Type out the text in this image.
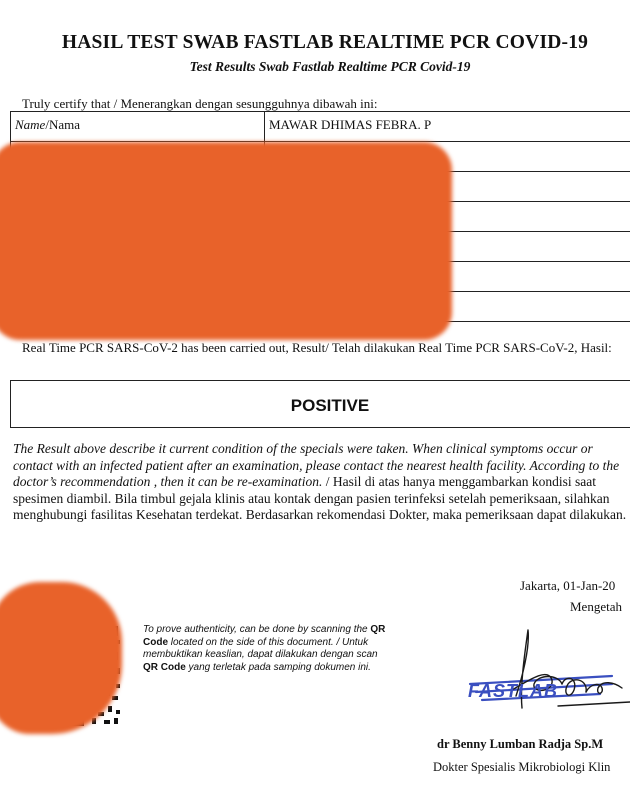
HASIL TEST SWAB FASTLAB REALTIME PCR COVID-19
Test Results Swab Fastlab Realtime PCR Covid-19
Truly certify that / Menerangkan dengan sesungguhnya dibawah ini:
Name/Nama	MAWAR DHIMAS FEBRA. P

Real Time PCR SARS-CoV-2 has been carried out, Result/ Telah dilakukan Real Time PCR SARS-CoV-2, Hasil:
POSITIVE
The Result above describe it current condition of the specials were taken. When clinical symptoms occur or contact with an infected patient after an examination, please contact the nearest health facility. According to the doctor’s recommendation , then it can be re-examination. / Hasil di atas hanya menggambarkan kondisi saat spesimen diambil. Bila timbul gejala klinis atau kontak dengan pasien terinfeksi setelah pemeriksaan, silahkan menghubungi fasilitas Kesehatan terdekat. Berdasarkan rekomendasi Dokter, maka pemeriksaan dapat dilakukan.
Jakarta, 01-Jan-20
Mengetah
To prove authenticity, can be done by scanning the QR Code located on the side of this document. / Untuk membuktikan keaslian, dapat dilakukan dengan scan QR Code yang terletak pada samping dokumen ini.
FASTLAB
dr Benny Lumban Radja Sp.M
Dokter Spesialis Mikrobiologi Klin
